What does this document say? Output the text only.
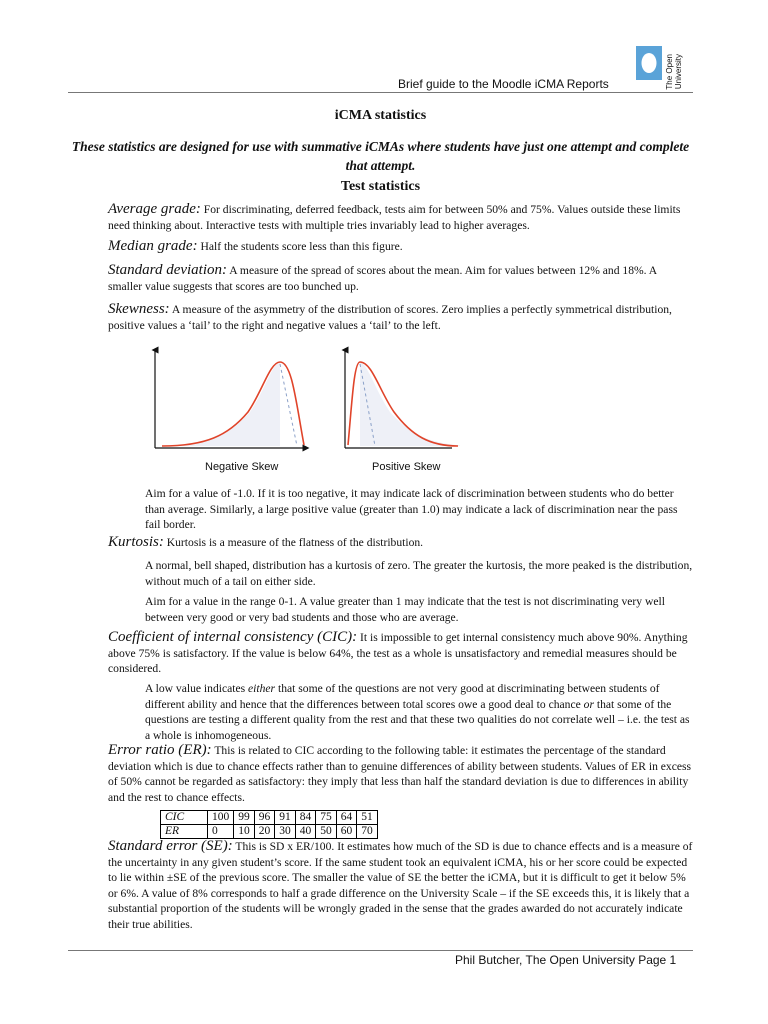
The Open University
Brief guide to the Moodle iCMA Reports
iCMA statistics
These statistics are designed for use with summative iCMAs where students have just one attempt and complete that attempt.
Test statistics
Average grade: For discriminating, deferred feedback, tests aim for between 50% and 75%. Values outside these limits need thinking about. Interactive tests with multiple tries invariably lead to higher averages.
Median grade: Half the students score less than this figure.
Standard deviation: A measure of the spread of scores about the mean. Aim for values between 12% and 18%. A smaller value suggests that scores are too bunched up.
Skewness: A measure of the asymmetry of the distribution of scores. Zero implies a perfectly symmetrical distribution, positive values a ‘tail’ to the right and negative values a ‘tail’ to the left.
Negative Skew	Positive Skew
Aim for a value of -1.0. If it is too negative, it may indicate lack of discrimination between students who do better than average. Similarly, a large positive value (greater than 1.0) may indicate a lack of discrimination near the pass fail border.
Kurtosis: Kurtosis is a measure of the flatness of the distribution.
A normal, bell shaped, distribution has a kurtosis of zero. The greater the kurtosis, the more peaked is the distribution, without much of a tail on either side.
Aim for a value in the range 0-1. A value greater than 1 may indicate that the test is not discriminating very well between very good or very bad students and those who are average.
Coefficient of internal consistency (CIC): It is impossible to get internal consistency much above 90%. Anything above 75% is satisfactory. If the value is below 64%, the test as a whole is unsatisfactory and remedial measures should be considered.
A low value indicates either that some of the questions are not very good at discriminating between students of different ability and hence that the differences between total scores owe a good deal to chance or that some of the questions are testing a different quality from the rest and that these two qualities do not correlate well – i.e. the test as a whole is inhomogeneous.
Error ratio (ER): This is related to CIC according to the following table: it estimates the percentage of the standard deviation which is due to chance effects rather than to genuine differences of ability between students. Values of ER in excess of 50% cannot be regarded as satisfactory: they imply that less than half the standard deviation is due to differences in ability and the rest to chance effects.
CIC	100	99	96	91	84	75	64	51
ER	0	10	20	30	40	50	60	70
Standard error (SE): This is SD x ER/100. It estimates how much of the SD is due to chance effects and is a measure of the uncertainty in any given student’s score. If the same student took an equivalent iCMA, his or her score could be expected to lie within ±SE of the previous score. The smaller the value of SE the better the iCMA, but it is difficult to get it below 5% or 6%. A value of 8% corresponds to half a grade difference on the University Scale – if the SE exceeds this, it is likely that a substantial proportion of the students will be wrongly graded in the sense that the grades awarded do not accurately indicate their true abilities.
Phil Butcher, The Open University Page 1
